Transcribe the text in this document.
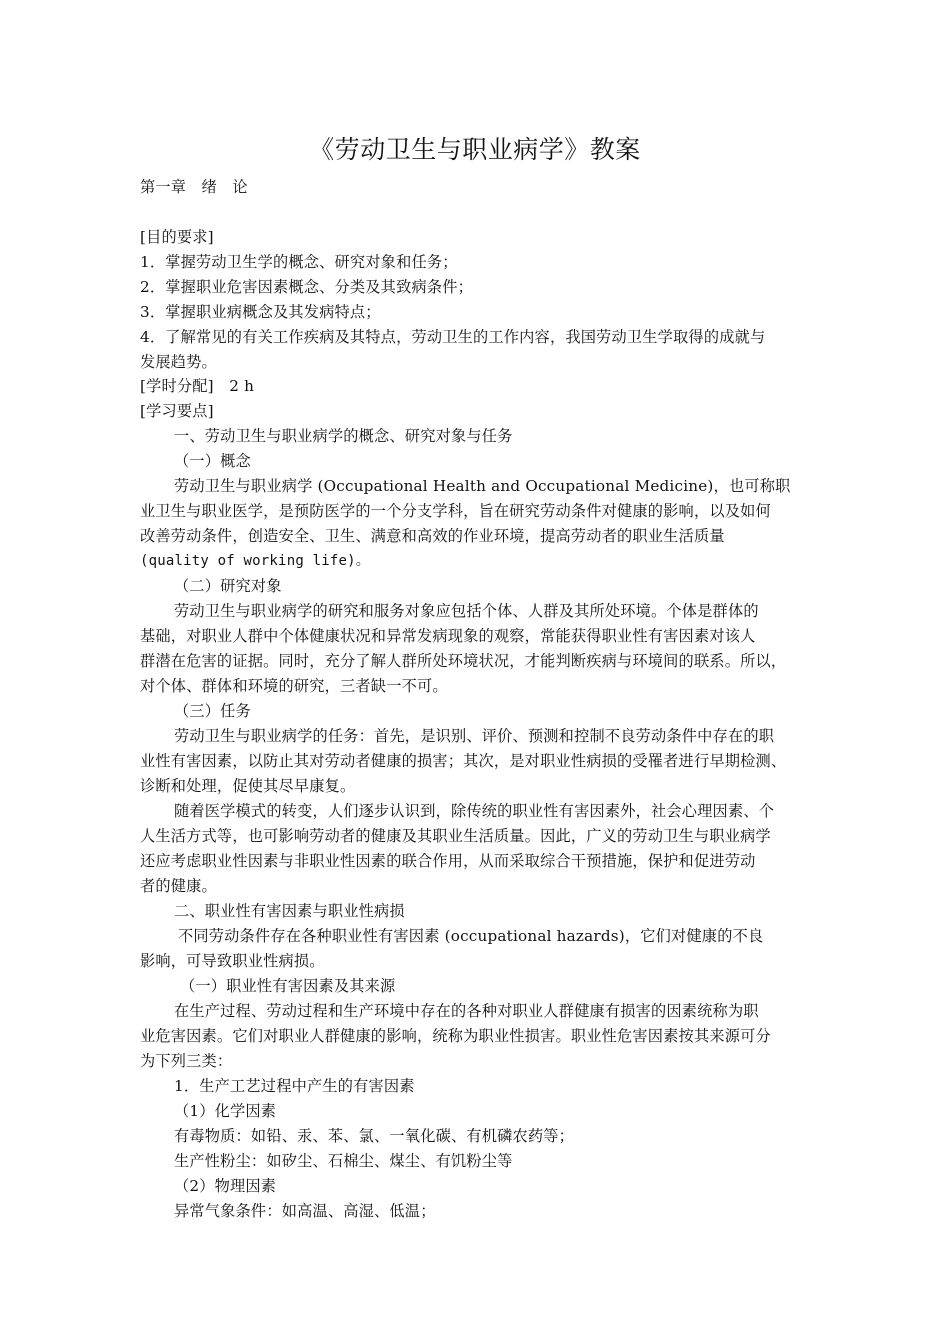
《劳动卫生与职业病学》教案
第一章　绪　论
[目的要求]
1．掌握劳动卫生学的概念、研究对象和任务；
2．掌握职业危害因素概念、分类及其致病条件；
3．掌握职业病概念及其发病特点；
4．了解常见的有关工作疾病及其特点，劳动卫生的工作内容，我国劳动卫生学取得的成就与
发展趋势。
[学时分配]　2 h
[学习要点]
一、劳动卫生与职业病学的概念、研究对象与任务
（一）概念
劳动卫生与职业病学 (Occupational Health and Occupational Medicine)，也可称职
业卫生与职业医学，是预防医学的一个分支学科，旨在研究劳动条件对健康的影响，以及如何
改善劳动条件，创造安全、卫生、满意和高效的作业环境，提高劳动者的职业生活质量
(quality of working life)。
（二）研究对象
劳动卫生与职业病学的研究和服务对象应包括个体、人群及其所处环境。个体是群体的
基础，对职业人群中个体健康状况和异常发病现象的观察，常能获得职业性有害因素对该人
群潜在危害的证据。同时，充分了解人群所处环境状况，才能判断疾病与环境间的联系。所以，
对个体、群体和环境的研究，三者缺一不可。
（三）任务
劳动卫生与职业病学的任务：首先，是识别、评价、预测和控制不良劳动条件中存在的职
业性有害因素，以防止其对劳动者健康的损害；其次，是对职业性病损的受罹者进行早期检测、
诊断和处理，促使其尽早康复。
随着医学模式的转变，人们逐步认识到，除传统的职业性有害因素外，社会心理因素、个
人生活方式等，也可影响劳动者的健康及其职业生活质量。因此，广义的劳动卫生与职业病学
还应考虑职业性因素与非职业性因素的联合作用，从而采取综合干预措施，保护和促进劳动
者的健康。
二、职业性有害因素与职业性病损
不同劳动条件存在各种职业性有害因素 (occupational hazards)，它们对健康的不良
影响，可导致职业性病损。
（一）职业性有害因素及其来源
在生产过程、劳动过程和生产环境中存在的各种对职业人群健康有损害的因素统称为职
业危害因素。它们对职业人群健康的影响，统称为职业性损害。职业性危害因素按其来源可分
为下列三类：
1．生产工艺过程中产生的有害因素
（1）化学因素
有毒物质：如铅、汞、苯、氯、一氧化碳、有机磷农药等；
生产性粉尘：如矽尘、石棉尘、煤尘、有饥粉尘等
（2）物理因素
异常气象条件：如高温、高湿、低温；
